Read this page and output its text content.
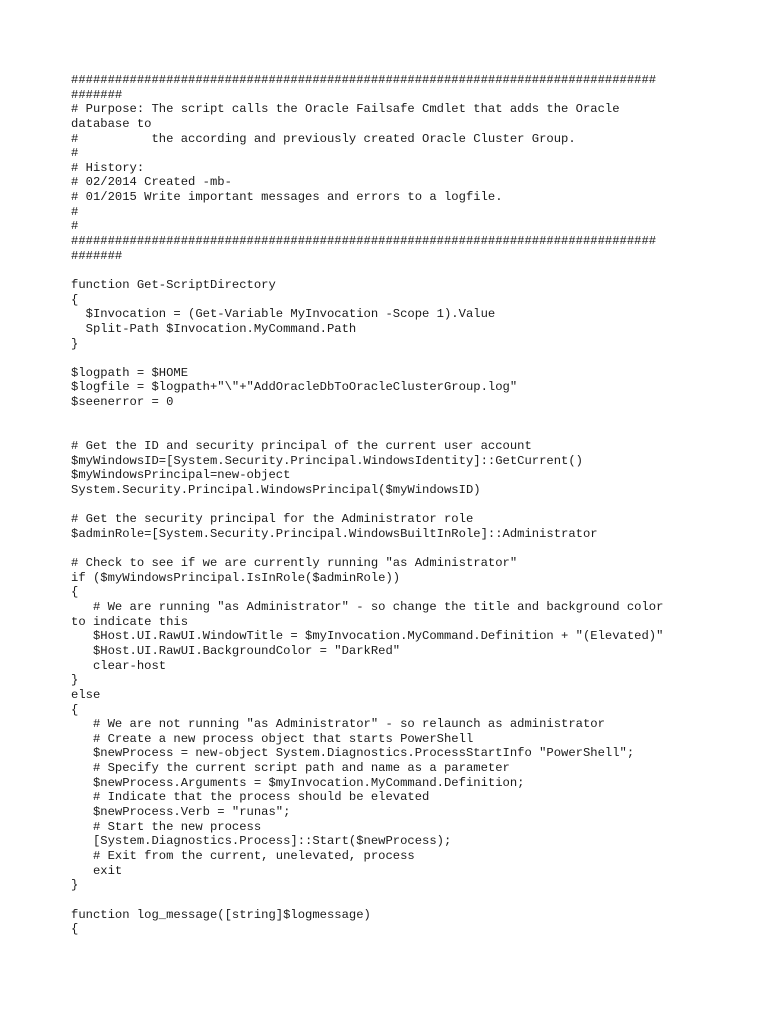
################################################################################
#######
# Purpose: The script calls the Oracle Failsafe Cmdlet that adds the Oracle
database to
#          the according and previously created Oracle Cluster Group.
#
# History:
# 02/2014 Created -mb-
# 01/2015 Write important messages and errors to a logfile.
#
#
################################################################################
#######
function Get-ScriptDirectory
{
$Invocation = (Get-Variable MyInvocation -Scope 1).Value
Split-Path $Invocation.MyCommand.Path
}
$logpath = $HOME
$logfile = $logpath+"\"+"AddOracleDbToOracleClusterGroup.log"
$seenerror = 0
# Get the ID and security principal of the current user account
$myWindowsID=[System.Security.Principal.WindowsIdentity]::GetCurrent()
$myWindowsPrincipal=new-object
System.Security.Principal.WindowsPrincipal($myWindowsID)
# Get the security principal for the Administrator role
$adminRole=[System.Security.Principal.WindowsBuiltInRole]::Administrator
# Check to see if we are currently running "as Administrator"
if ($myWindowsPrincipal.IsInRole($adminRole))
{
# We are running "as Administrator" - so change the title and background color
to indicate this
$Host.UI.RawUI.WindowTitle = $myInvocation.MyCommand.Definition + "(Elevated)"
$Host.UI.RawUI.BackgroundColor = "DarkRed"
clear-host
}
else
{
# We are not running "as Administrator" - so relaunch as administrator
# Create a new process object that starts PowerShell
$newProcess = new-object System.Diagnostics.ProcessStartInfo "PowerShell";
# Specify the current script path and name as a parameter
$newProcess.Arguments = $myInvocation.MyCommand.Definition;
# Indicate that the process should be elevated
$newProcess.Verb = "runas";
# Start the new process
[System.Diagnostics.Process]::Start($newProcess);
# Exit from the current, unelevated, process
exit
}
function log_message([string]$logmessage)
{
